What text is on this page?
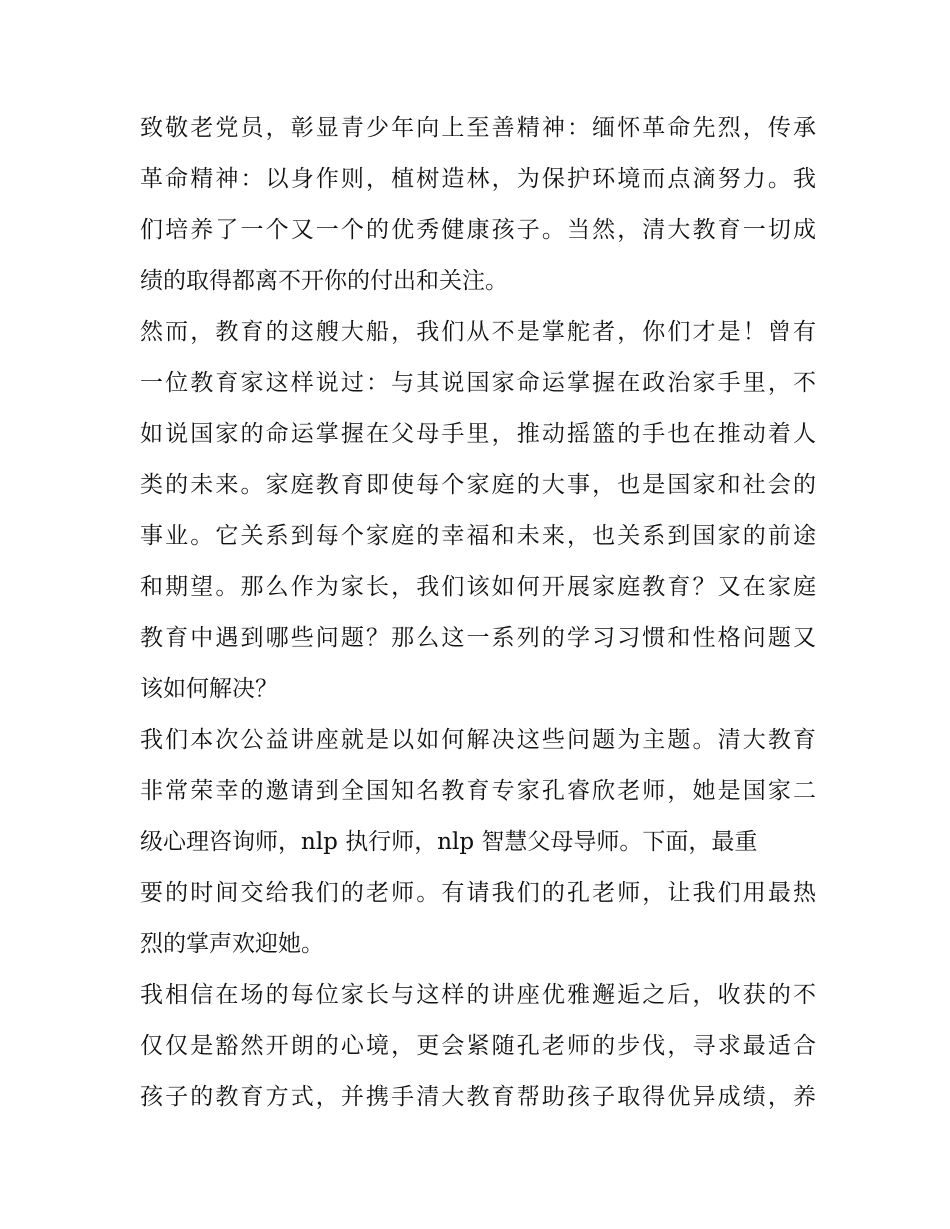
致敬老党员，彰显青少年向上至善精神：缅怀革命先烈，传承
革命精神：以身作则，植树造林，为保护环境而点滴努力。我
们培养了一个又一个的优秀健康孩子。当然，清大教育一切成
绩的取得都离不开你的付出和关注。
然而，教育的这艘大船，我们从不是掌舵者，你们才是！曾有
一位教育家这样说过：与其说国家命运掌握在政治家手里，不
如说国家的命运掌握在父母手里，推动摇篮的手也在推动着人
类的未来。家庭教育即使每个家庭的大事，也是国家和社会的
事业。它关系到每个家庭的幸福和未来，也关系到国家的前途
和期望。那么作为家长，我们该如何开展家庭教育？又在家庭
教育中遇到哪些问题？那么这一系列的学习习惯和性格问题又
该如何解决？
我们本次公益讲座就是以如何解决这些问题为主题。清大教育
非常荣幸的邀请到全国知名教育专家孔睿欣老师，她是国家二
级心理咨询师，nlp 执行师，nlp 智慧父母导师。下面，最重
要的时间交给我们的老师。有请我们的孔老师，让我们用最热
烈的掌声欢迎她。
我相信在场的每位家长与这样的讲座优雅邂逅之后，收获的不
仅仅是豁然开朗的心境，更会紧随孔老师的步伐，寻求最适合
孩子的教育方式，并携手清大教育帮助孩子取得优异成绩，养
